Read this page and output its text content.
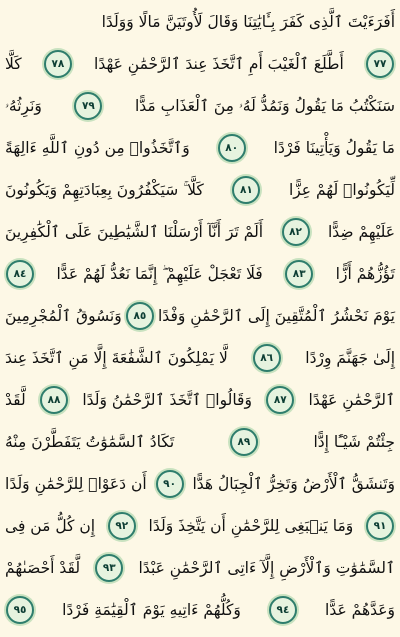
أَفَرَءَيْتَ ٱلَّذِى كَفَرَ بِـَٔايَٰتِنَا وَقَالَ لَأُوتَيَنَّ مَالًا وَوَلَدًا
٧٧
أَطَّلَعَ ٱلْغَيْبَ أَمِ ٱتَّخَذَ عِندَ ٱلرَّحْمَٰنِ عَهْدًا
٧٨
كَلَّا
سَنَكْتُبُ مَا يَقُولُ وَنَمُدُّ لَهُۥ مِنَ ٱلْعَذَابِ مَدًّا
٧٩
وَنَرِثُهُۥ
مَا يَقُولُ وَيَأْتِينَا فَرْدًا
٨٠
وَٱتَّخَذُوا۟ مِن دُونِ ٱللَّهِ ءَالِهَةً
لِّيَكُونُوا۟ لَهُمْ عِزًّا
٨١
كَلَّا ۚ سَيَكْفُرُونَ بِعِبَادَتِهِمْ وَيَكُونُونَ
عَلَيْهِمْ ضِدًّا
٨٢
أَلَمْ تَرَ أَنَّآ أَرْسَلْنَا ٱلشَّيَٰطِينَ عَلَى ٱلْكَٰفِرِينَ
تَؤُزُّهُمْ أَزًّا
٨٣
فَلَا تَعْجَلْ عَلَيْهِمْ ۖ إِنَّمَا نَعُدُّ لَهُمْ عَدًّا
٨٤
يَوْمَ نَحْشُرُ ٱلْمُتَّقِينَ إِلَى ٱلرَّحْمَٰنِ وَفْدًا
٨٥
وَنَسُوقُ ٱلْمُجْرِمِينَ
إِلَىٰ جَهَنَّمَ وِرْدًا
٨٦
لَّا يَمْلِكُونَ ٱلشَّفَٰعَةَ إِلَّا مَنِ ٱتَّخَذَ عِندَ
ٱلرَّحْمَٰنِ عَهْدًا
٨٧
وَقَالُوا۟ ٱتَّخَذَ ٱلرَّحْمَٰنُ وَلَدًا
٨٨
لَّقَدْ
جِئْتُمْ شَيْـًٔا إِدًّا
٨٩
تَكَادُ ٱلسَّمَٰوَٰتُ يَتَفَطَّرْنَ مِنْهُ
وَتَنشَقُّ ٱلْأَرْضُ وَتَخِرُّ ٱلْجِبَالُ هَدًّا
٩٠
أَن دَعَوْا۟ لِلرَّحْمَٰنِ وَلَدًا
٩١
وَمَا يَنۢبَغِى لِلرَّحْمَٰنِ أَن يَتَّخِذَ وَلَدًا
٩٢
إِن كُلُّ مَن فِى
ٱلسَّمَٰوَٰتِ وَٱلْأَرْضِ إِلَّآ ءَاتِى ٱلرَّحْمَٰنِ عَبْدًا
٩٣
لَّقَدْ أَحْصَىٰهُمْ
وَعَدَّهُمْ عَدًّا
٩٤
وَكُلُّهُمْ ءَاتِيهِ يَوْمَ ٱلْقِيَٰمَةِ فَرْدًا
٩٥
